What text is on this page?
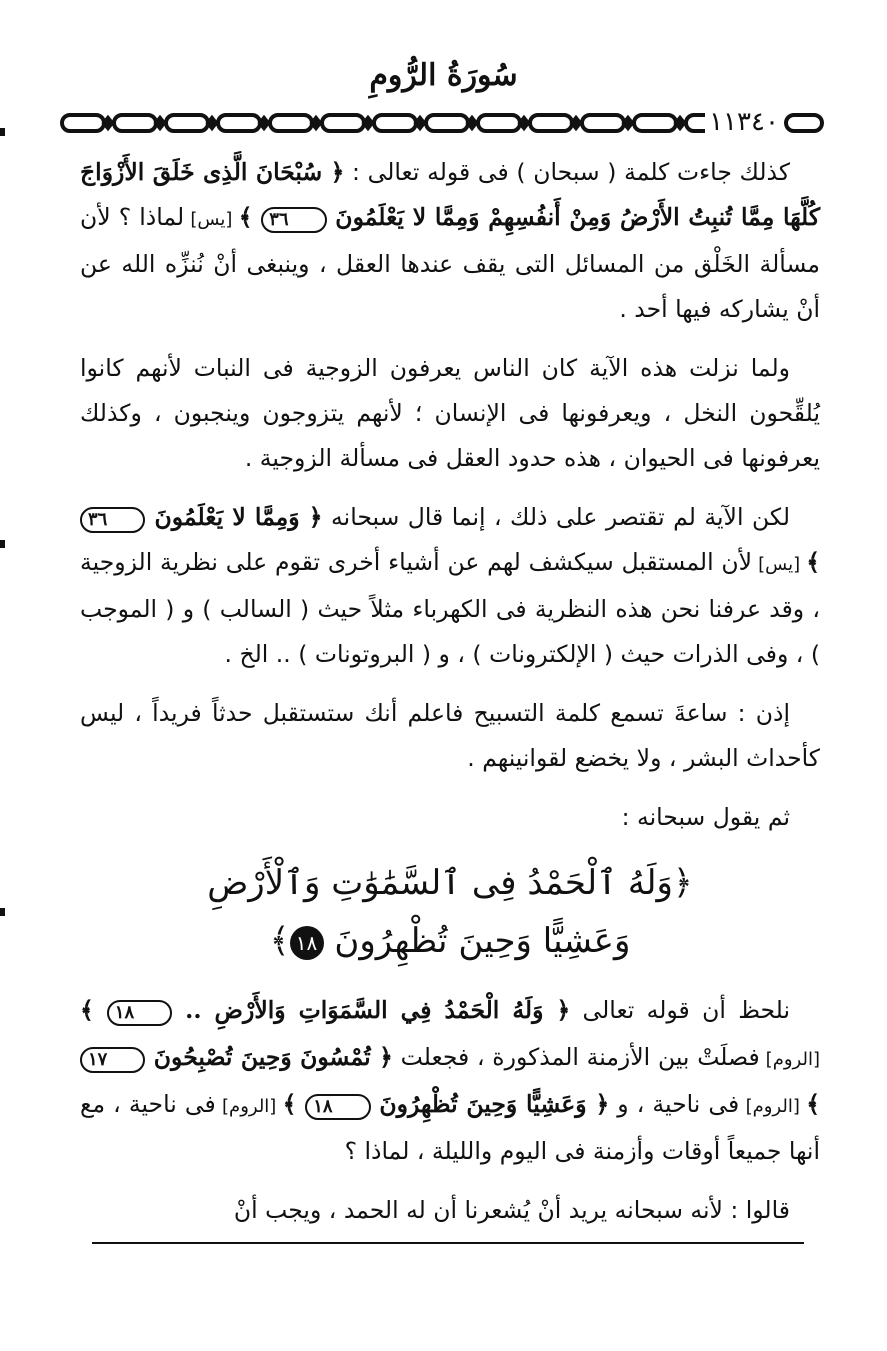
سُورَةُ الرُّومِ
١١٣٤٠

كذلك جاءت كلمة ( سبحان ) فى قوله تعالى : ﴿ سُبْحَانَ الَّذِى خَلَقَ الأَزْوَاجَ كُلَّهَا مِمَّا تُنبِتُ الأَرْضُ وَمِنْ أَنفُسِهِمْ وَمِمَّا لا يَعْلَمُونَ ٣٦ ﴾ [يس] لماذا ؟ لأن مسألة الخَلْق من المسائل التى يقف عندها العقل ، وينبغى أنْ نُنزِّه الله عن أنْ يشاركه فيها أحد .

ولما نزلت هذه الآية كان الناس يعرفون الزوجية فى النبات لأنهم كانوا يُلقِّحون النخل ، ويعرفونها فى الإنسان ؛ لأنهم يتزوجون وينجبون ، وكذلك يعرفونها فى الحيوان ، هذه حدود العقل فى مسألة الزوجية .

لكن الآية لم تقتصر على ذلك ، إنما قال سبحانه ﴿ وَمِمَّا لا يَعْلَمُونَ ٣٦ ﴾ [يس] لأن المستقبل سيكشف لهم عن أشياء أخرى تقوم على نظرية الزوجية ، وقد عرفنا نحن هذه النظرية فى الكهرباء مثلاً حيث ( السالب ) و ( الموجب ) ، وفى الذرات حيث ( الإلكترونات ) ، و ( البروتونات ) .. الخ .

إذن : ساعةَ تسمع كلمة التسبيح فاعلم أنك ستستقبل حدثاً فريداً ، ليس كأحداث البشر ، ولا يخضع لقوانينهم .

ثم يقول سبحانه :

﴿وَلَهُ ٱلْحَمْدُ فِى ٱلسَّمَٰوَٰتِ وَٱلْأَرْضِ
وَعَشِيًّا وَحِينَ تُظْهِرُونَ ١٨﴾

نلحظ أن قوله تعالى ﴿ وَلَهُ الْحَمْدُ فِي السَّمَوَاتِ وَالأَرْضِ .. ١٨ ﴾ [الروم] فصلَتْ بين الأزمنة المذكورة ، فجعلت ﴿ تُمْسُونَ وَحِينَ تُصْبِحُونَ ١٧ ﴾ [الروم] فى ناحية ، و ﴿ وَعَشِيًّا وَحِينَ تُظْهِرُونَ ١٨ ﴾ [الروم] فى ناحية ، مع أنها جميعاً أوقات وأزمنة فى اليوم والليلة ، لماذا ؟

قالوا : لأنه سبحانه يريد أنْ يُشعرنا أن له الحمد ، ويجب أنْ
